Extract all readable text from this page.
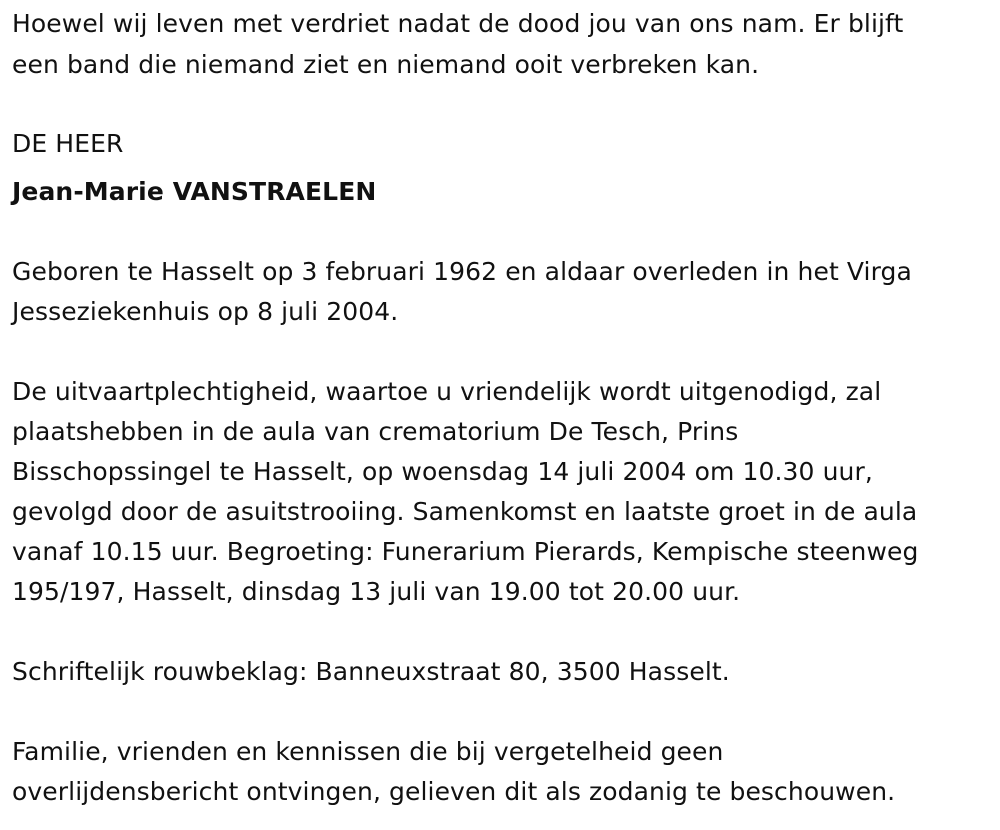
Hoewel wij leven met verdriet nadat de dood jou van ons nam. Er blijft
een band die niemand ziet en niemand ooit verbreken kan.
DE HEER
Jean-Marie VANSTRAELEN
Geboren te Hasselt op 3 februari 1962 en aldaar overleden in het Virga
Jesseziekenhuis op 8 juli 2004.
De uitvaartplechtigheid, waartoe u vriendelijk wordt uitgenodigd, zal
plaatshebben in de aula van crematorium De Tesch, Prins
Bisschopssingel te Hasselt, op woensdag 14 juli 2004 om 10.30 uur,
gevolgd door de asuitstrooiing. Samenkomst en laatste groet in de aula
vanaf 10.15 uur. Begroeting: Funerarium Pierards, Kempische steenweg
195/197, Hasselt, dinsdag 13 juli van 19.00 tot 20.00 uur.
Schriftelijk rouwbeklag: Banneuxstraat 80, 3500 Hasselt.
Familie, vrienden en kennissen die bij vergetelheid geen
overlijdensbericht ontvingen, gelieven dit als zodanig te beschouwen.
